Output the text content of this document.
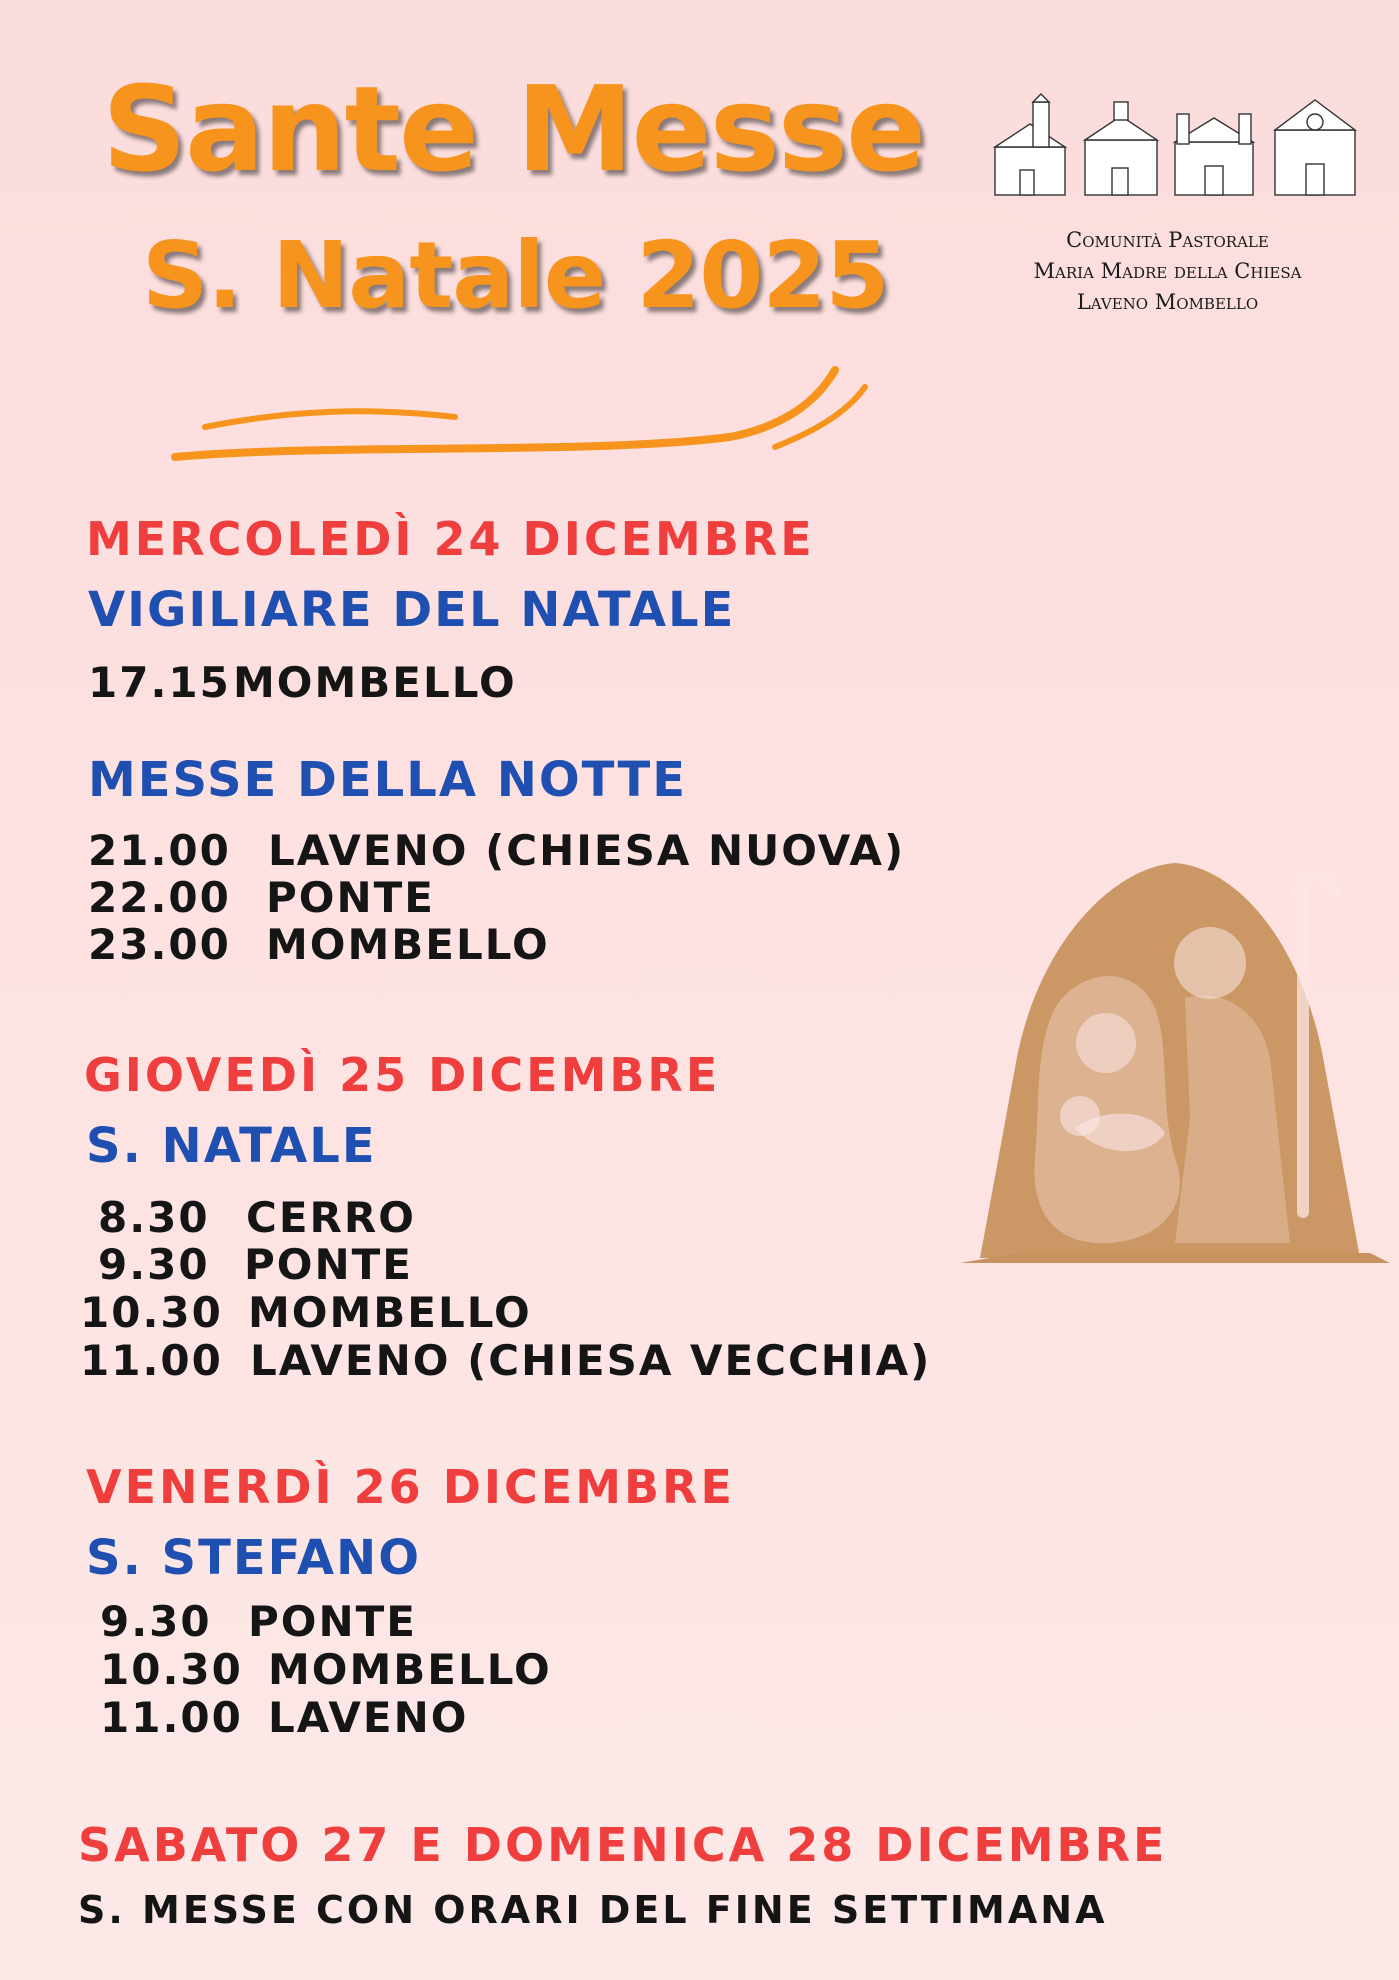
Sante Messe
S. Natale 2025	Comunità Pastorale
Maria Madre della Chiesa
Laveno Mombello
MERCOLEDÌ 24 DICEMBRE
VIGILIARE DEL NATALE
17.15MOMBELLO
MESSE DELLA NOTTE
21.00 LAVENO (CHIESA NUOVA)
22.00 PONTE
23.00 MOMBELLO
GIOVEDÌ 25 DICEMBRE
S. NATALE
8.30 CERRO
9.30 PONTE
10.30 MOMBELLO
11.00 LAVENO (CHIESA VECCHIA)
VENERDÌ 26 DICEMBRE
S. STEFANO
9.30 PONTE
10.30 MOMBELLO
11.00 LAVENO
SABATO 27 E DOMENICA 28 DICEMBRE
S. MESSE CON ORARI DEL FINE SETTIMANA
